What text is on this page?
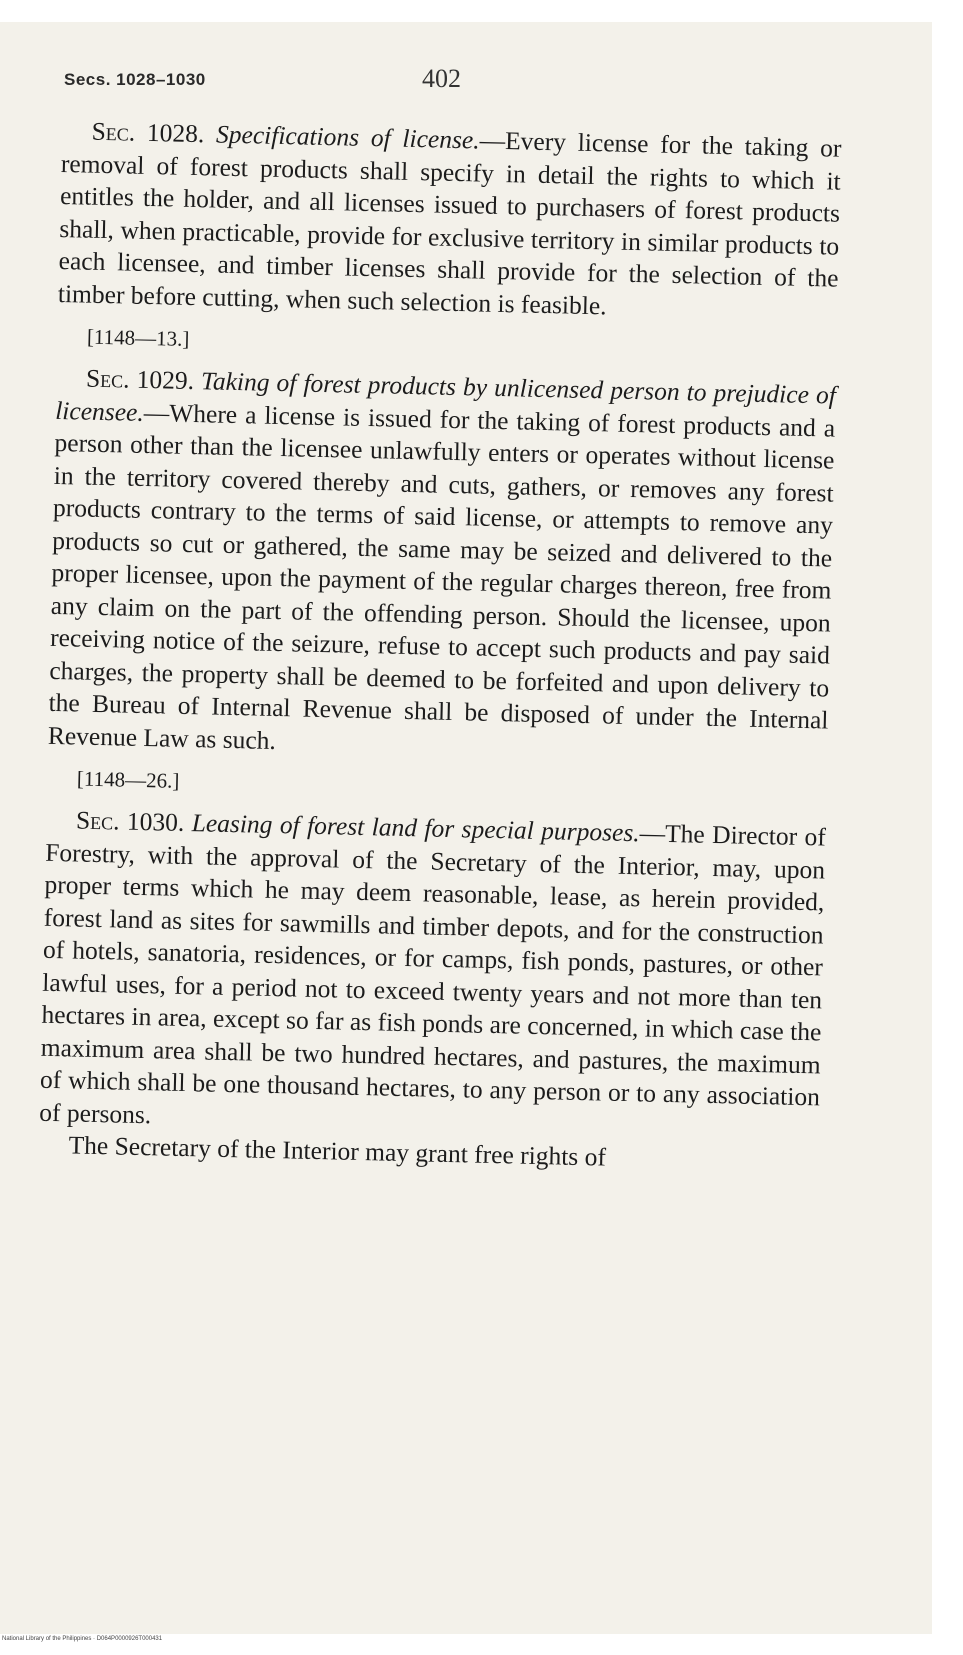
Secs. 1028–1030	402

Sec. 1028. Specifications of license.—Every license for the taking or removal of forest products shall specify in detail the rights to which it entitles the holder, and all licenses issued to purchasers of forest products shall, when practicable, provide for exclusive territory in similar products to each licensee, and timber licenses shall provide for the selection of the timber before cutting, when such selection is feasible.

[1148—13.]

Sec. 1029. Taking of forest products by unlicensed person to prejudice of licensee.—Where a license is issued for the taking of forest products and a person other than the licensee unlawfully enters or operates without license in the territory covered thereby and cuts, gathers, or removes any forest products contrary to the terms of said license, or attempts to remove any products so cut or gathered, the same may be seized and delivered to the proper licensee, upon the payment of the regular charges thereon, free from any claim on the part of the offending person. Should the licensee, upon receiving notice of the seizure, refuse to accept such products and pay said charges, the property shall be deemed to be forfeited and upon delivery to the Bureau of Internal Revenue shall be disposed of under the Internal Revenue Law as such.

[1148—26.]

Sec. 1030. Leasing of forest land for special purposes.—The Director of Forestry, with the approval of the Secretary of the Interior, may, upon proper terms which he may deem reasonable, lease, as herein provided, forest land as sites for sawmills and timber depots, and for the construction of hotels, sanatoria, residences, or for camps, fish ponds, pastures, or other lawful uses, for a period not to exceed twenty years and not more than ten hectares in area, except so far as fish ponds are concerned, in which case the maximum area shall be two hundred hectares, and pastures, the maximum of which shall be one thousand hectares, to any person or to any association of persons.

The Secretary of the Interior may grant free rights of

National Library of the Philippines · D064P0000926T000431
